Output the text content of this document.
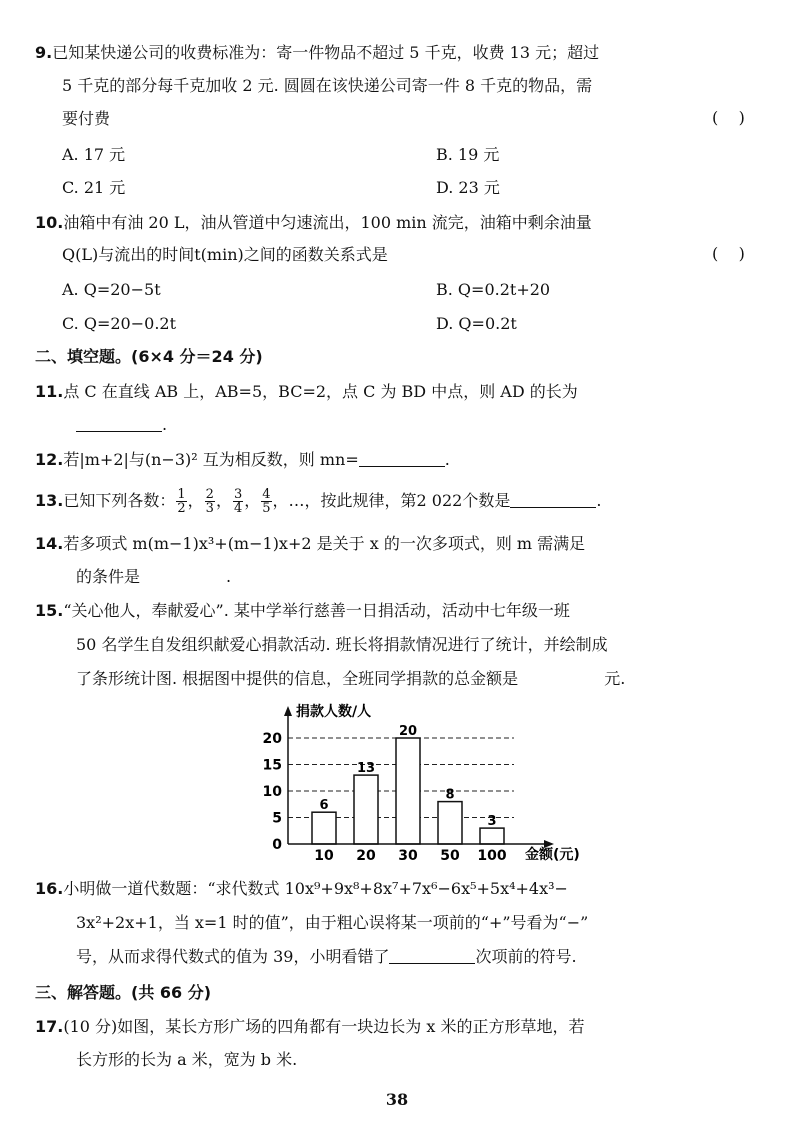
9.已知某快递公司的收费标准为：寄一件物品不超过 5 千克，收费 13 元；超过
5 千克的部分每千克加收 2 元. 圆圆在该快递公司寄一件 8 千克的物品，需
要付费	(    )
A. 17 元	B. 19 元
C. 21 元	D. 23 元
10.油箱中有油 20 L，油从管道中匀速流出，100 min 流完，油箱中剩余油量
Q(L)与流出的时间t(min)之间的函数关系式是	(    )
A. Q=20−5t	B. Q=0.2t+20
C. Q=20−0.2t	D. Q=0.2t
二、填空题。(6×4 分＝24 分)
11.点 C 在直线 AB 上，AB=5，BC=2，点 C 为 BD 中点，则 AD 的长为
.
12.若|m+2|与(n−3)² 互为相反数，则 mn=	.
13.已知下列各数： $\frac{1}{2}$ ， $\frac{2}{3}$ ， $\frac{3}{4}$ ， $\frac{4}{5}$ ，…，按此规律，第2 022个数是	.
14.若多项式 m(m−1)x³+(m−1)x+2 是关于 x 的一次多项式，则 m 需满足
的条件是	.
15.“关心他人，奉献爱心”. 某中学举行慈善一日捐活动，活动中七年级一班
50 名学生自发组织献爱心捐款活动. 班长将捐款情况进行了统计，并绘制成
了条形统计图. 根据图中提供的信息，全班同学捐款的总金额是	元.
捐款人数/人
金额(元)
6
13
20
8
3
0
5
10
15
20
10 20 30 50 100
16.小明做一道代数题：“求代数式 10x⁹+9x⁸+8x⁷+7x⁶−6x⁵+5x⁴+4x³−
3x²+2x+1，当 x=1 时的值”，由于粗心误将某一项前的“+”号看为“−”
号，从而求得代数式的值为 39，小明看错了	次项前的符号.
三、解答题。(共 66 分)
17.(10 分)如图，某长方形广场的四角都有一块边长为 x 米的正方形草地，若
长方形的长为 a 米，宽为 b 米.
38
